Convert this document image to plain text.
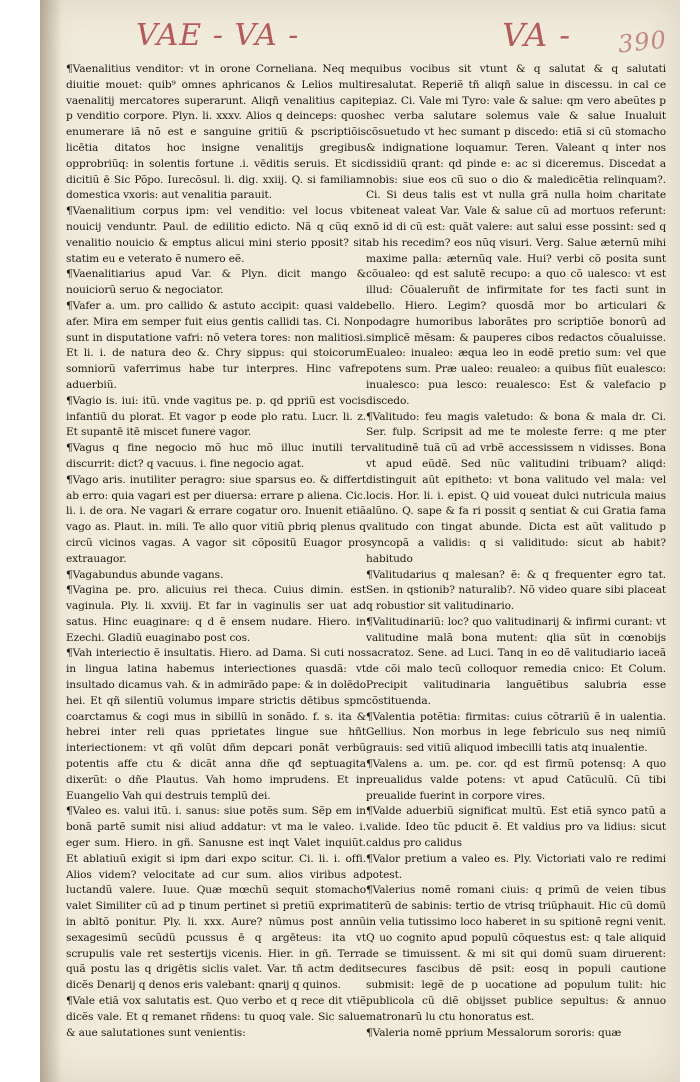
VAE - VA -	VA - 390

¶Vaenalitius venditor: vt in orone Corneliana. Neq me diuitie mouet: quib⁹ omnes aphricanos & Lelios multi vaenalitij mercatores superarunt. Aliqñ venalitius capit p venditio corpore. Plyn. li. xxxv. Alios q deinceps: quos enumerare iã nõ est e sanguine gritiũ & pscriptiõis licētia ditatos hoc insigne venalitijs gregibus opprobriũq: in solentis fortune .i. vēditis seruis. Et sic dicitiũ ē Sic Põpo. Iurecõsul. li. dig. xxiij. Q. si familiam domestica vxoris: aut venalitia parauit.

¶Vaenalitium corpus ipm: vel venditio: vel locus vbi nouicij venduntr. Paul. de edilitio edicto. Nã q cũq ex venalitio nouicio & emptus alicui mini sterio pposit? sit statim eu e veterato ẽ numero eẽ.

¶Vaenalitiarius apud Var. & Plyn. dicit mango & nouiciorũ seruo & negociator.

¶Vafer a. um. pro callido & astuto accipit: quasi valde afer. Mira em semper fuit eius gentis callidi tas. Ci. Non sunt in disputatione vafri: nõ vetera tores: non malitiosi. Et li. i. de natura deo &. Chry sippus: qui stoicorum somniorũ vaferrimus habe tur interpres. Hinc vafre aduerbiũ.

¶Vagio is. iui: itũ. vnde vagitus pe. p. qd ppriũ est vocis infantiũ du plorat. Et vagor p eode plo ratu. Lucr. li. z. Et supantē itē miscet funere vagor.

¶Vagus q fine negocio mõ huc mõ illuc inutili ter discurrit: dict? q vacuus. i. fine negocio agat.

¶Vago aris. inutiliter peragro: siue sparsus eo. & differt ab erro: quia vagari est per diuersa: errare p aliena. Cic. li. i. de ora. Ne vagari & errare cogatur oro. Inuenit etiã vago as. Plaut. in. mili. Te allo quor vitiũ pbriq plenus q circũ vicinos vagas. A vagor sit cõpositũ Euagor pro extrauagor.

¶Vagabundus abunde vagans.

¶Vagina pe. pro. alicuius rei theca. Cuius dimin. est vaginula. Ply. li. xxviij. Et far in vaginulis ser uat ad satus. Hinc euaginare: q d ẽ ensem nudare. Hiero. in Ezechi. Gladiũ euaginabo post cos.

¶Vah interiectio ẽ insultatis. Hiero. ad Dama. Si cuti nos in lingua latina habemus interiectiones quasdã: vt insultado dicamus vah. & in admirãdo pape: & in dolēdo hei. Et qñ silentiũ volumus impare strictis dētibus spm coarctamus & cogi mus in sibillũ in sonãdo. f. s. ita & hebrei inter reli quas pprietates lingue sue hñt interiectionem: vt qñ volũt dñm depcari ponãt verbũ potentis affe ctu & dicãt anna dñe qđ septuagita dixerũt: o dñe Plautus. Vah homo imprudens. Et in Euangelio Vah qui destruis templũ dei.

¶Valeo es. valui itũ. i. sanus: siue potẽs sum. Sẽp em in bonã partẽ sumit nisi aliud addatur: vt ma le valeo. i. eger sum. Hiero. in gñ. Sanusne est inqt Valet inquiũt. Et ablatiuũ exigit si ipm dari expo scitur. Ci. li. i. offi. Alios videm? velocitate ad cur sum. alios viribus ad luctandũ valere. Iuue. Quæ mœchũ sequit stomacho valet Similiter cũ ad p tinum pertinet si pretiũ exprimat in abltõ ponitur. Ply. li. xxx. Aure? nũmus post annũ sexagesimũ secũdũ pcussus ē q argēteus: ita vt scrupulis vale ret sestertijs vicenis. Hier. in gñ. Terra quã postu las q drigētis siclis valet. Var. tñ actm dedit dicẽs Denarij q denos eris valebant: qnarij q quinos.

¶Vale etiã vox salutatis est. Quo verbo et q rece dit vtiẽ dicẽs vale. Et q remanet rñdens: tu quoq vale. Sic salue & aue salutationes sunt venientis:

quibus vocibus sit vtunt & q salutat & q salutati resalutat. Reperiẽ tñ aliqñ salue in discessu. in cal ce epiaz. Ci. Vale mi Tyro: vale & salue: qm vero abeũtes p hec verba salutare solemus vale & salue Inualuit cõsuetudo vt hec sumant p discedo: etiã si cũ stomacho & indignatione loquamur. Teren. Valeant q inter nos dissidiũ qrant: qd pinde e: ac si diceremus. Discedat a nobis: siue eos cũ suo o dio & maledicẽtia relinquam?. Ci. Si deus talis est vt nulla grã nulla hoim charitate teneat valeat Var. Vale & salue cũ ad mortuos referunt: nõ id di cũ est: quãt valere: aut salui esse possint: sed q ab his recedim? eos nũq visuri. Verg. Salue æternũ mihi maxime palla: æternũq vale. Hui? verbi cõ posita sunt cõualeo: qd est salutẽ recupo: a quo cõ ualesco: vt est illud: Cõualeruñt de infirmitate for tes facti sunt in bello. Hiero. Legim? quosdã mor bo articulari & podagre humoribus laborãtes pro scriptiõe bonorũ ad simplicẽ mẽsam: & pauperes cibos redactos cõualuisse. Eualeo: inualeo: æqua leo in eodẽ pretio sum: vel que potens sum. Præ ualeo: reualeo: a quibus fiũt eualesco: inualesco: pua lesco: reualesco: Est & valefacio p discedo.

¶Valitudo: feu magis valetudo: & bona & mala dr. Ci. Ser. fulp. Scripsit ad me te moleste ferre: q me pter valitudinẽ tuã cũ ad vrbẽ accessissem n vidisses. Bona vt apud eũdẽ. Sed nũc valitudini tribuam? aliqd: distinguit aũt epitheto: vt bona valitudo vel mala: vel locis. Hor. li. i. epist. Q uid voueat dulci nutricula maius alũno. Q. sape & fa ri possit q sentiat & cui Gratia fama valitudo con tingat abunde. Dicta est aũt valitudo p syncopã a validis: q si validitudo: sicut ab habit? habitudo

¶Valitudarius q malesan? ẽ: & q frequenter egro tat. Sen. in qstionib? naturalib?. Nõ video quare sibi placeat q robustior sit valitudinario.

¶Valitudinariũ: loc? quo valitudinarij & infirmi curant: vt valitudine malã bona mutent: qlia sũt in cœnobijs sacratoz. Sene. ad Luci. Tanq in eo dẽ valitudiario iaceã de cõi malo tecũ colloquor remedia cnico: Et Colum. Precipit valitudinaria languẽtibus salubria esse cõstituenda.

¶Valentia potẽtia: firmitas: cuius cõtrariũ ẽ in ualentia. Gellius. Non morbus in lege febriculo sus neq nimiũ grauis: sed vitiũ aliquod imbecilli tatis atq inualentie.

¶Valens a. um. pe. cor. qd est firmũ potensq: A quo preualidus valde potens: vt apud Catũculũ. Cũ tibi preualide fuerint in corpore vires.

¶Valde aduerbiũ significat multũ. Est etiã synco patũ a valide. Ideo tũc pducit ẽ. Et valdius pro va lidius: sicut caldus pro calidus

¶Valor pretium a valeo es. Ply. Victoriati valo re redimi potest.

¶Valerius nomẽ romani ciuis: q primũ de veien tibus iterũ de sabinis: tertio de vtrisq triũphauit. Hic cũ domũ in velia tutissimo loco haberet in su spitionẽ regni venit. Q uo cognito apud populũ cõquestus est: q tale aliquid de se timuissent. & mi sit qui domũ suam diruerent: secures fascibus dẽ psit: eosq in populi cautione submisit: legẽ de p uocatione ad populum tulit: hic publicola cũ diẽ obijsset publice sepultus: & annuo matronarũ lu ctu honoratus est.

¶Valeria nomẽ pprium Messalorum sororis: quæ
